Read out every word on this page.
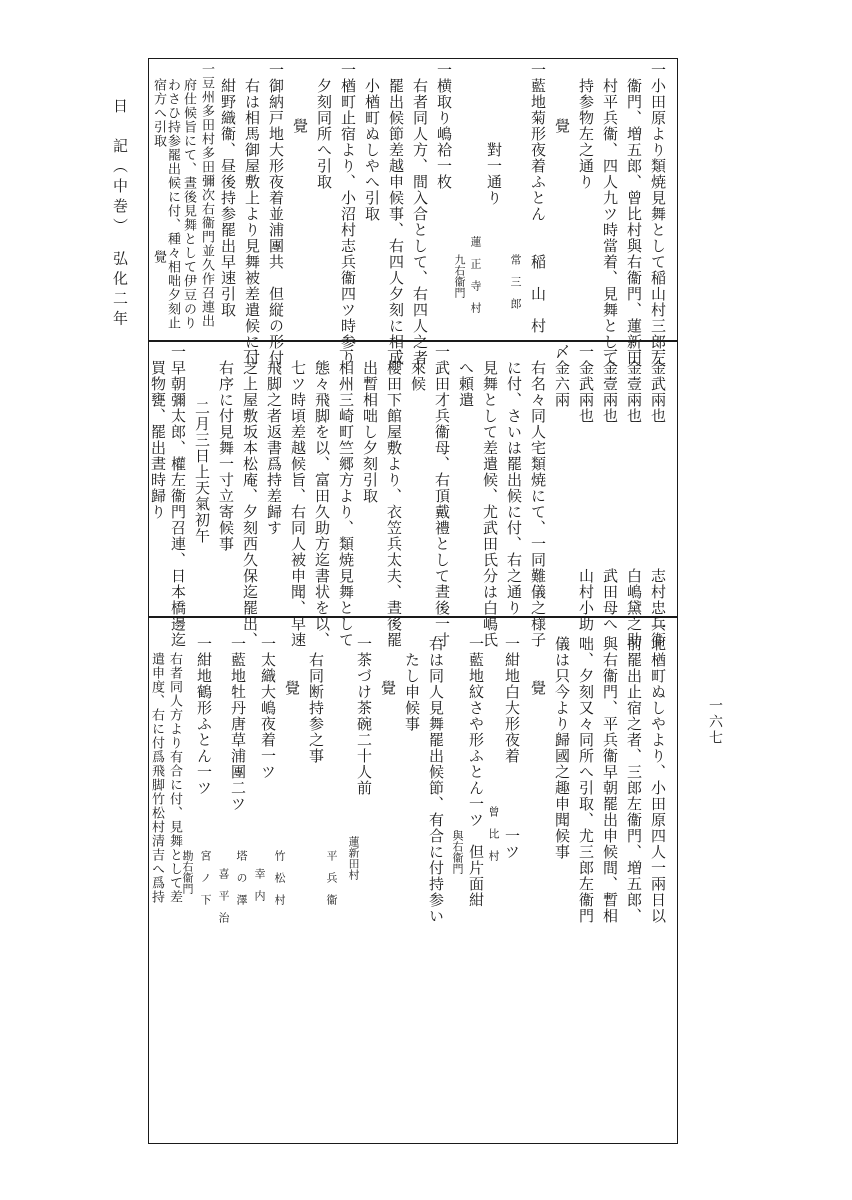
日　記（中巻）　弘化二年
一六七
一小田原より類焼見舞として稲山村三郎左
衞門、増五郎、曾比村與右衞門、蓮新田
村平兵衞、四人九ツ時當着、見舞として
持参物左之通り
覺
一藍地菊形夜着ふとん　　稲　山　村
常　三　郎
對一通り
蓮　正　寺　村
九右衞門
一横取り嶋袷一枚
右者同人方、間入合として、右四人之者
罷出候節差越申候事、右四人夕刻に相成
小楢町ぬしやへ引取
一楢町止宿より、小沼村志兵衞四ツ時参り
夕刻同所へ引取
覺
一御納戸地大形夜着並浦團共　但縦の形付
右は相馬御屋敷上より見舞被差遣候に付
紺野織衞、昼後持参罷出早速引取
一豆州多田村多田彌次右衞門並久作召連出
府仕候旨にて、晝後見舞として伊豆のり
わさひ持参罷出候に付、種々相咄夕刻止
宿方へ引取
覺
一金武兩也　　　　　　　　　志村忠兵衞
一金壹兩也　　　　　　　　　白嶋黛之助
一金壹兩也　　　　　　　　　武田母へ
一金武兩也　　　　　　　　　山村小助
〆金六兩
右名々同人宅類焼にて、一同難儀之様子
に付、さいは罷出候に付、右之通り
見舞として差遣候、尤武田氏分は白嶋氏
へ頼遣
一武田才兵衞母、右頂戴禮として晝後一寸
來候
一櫻田下館屋敷より、衣笠兵太夫、晝後罷
出暫相咄し夕刻引取
一相州三崎町竺郷方より、類焼見舞として
態々飛脚を以、富田久助方迄書状を以、
七ツ時頃差越候旨、右同人被申聞、早速
飛脚之者返書爲持差歸す
一芝上屋敷坂本松庵、夕刻西久保迄罷出、
右序に付見舞一寸立寄候事
二月三日上天氣初午
一早朝彌太郎、權左衞門召連、日本橋邊迄
買物甕、罷出晝時歸り
一北楢町ぬしやより、小田原四人一兩日以
前罷出止宿之者、三郎左衞門、増五郎、
與右衞門、平兵衞早朝罷出申候間、暫相
咄、夕刻又々同所へ引取、尤三郎左衞門
儀は只今より歸國之趣申聞候事
覺
一紺地白大形夜着　　　　一ツ
曾　比　村
一藍地紋さや形ふとん一ツ　但片面紺
與右衞門
右は同人見舞罷出候節、有合に付持参い
たし申候事
覺
一茶づけ茶碗二十人前
蓮新田村
平　兵　衞
右同断持参之事
覺
一太織大嶋夜着一ツ
竹　松　村
幸　内
一藍地牡丹唐草浦團二ツ
塔　の　澤
喜　平　治
一紺地鶴形ふとん一ツ
宮　ノ　下
勘右衞門
右者同人方より有合に付、見舞として差
遣申度、右に付爲飛脚竹松村清吉へ爲持
